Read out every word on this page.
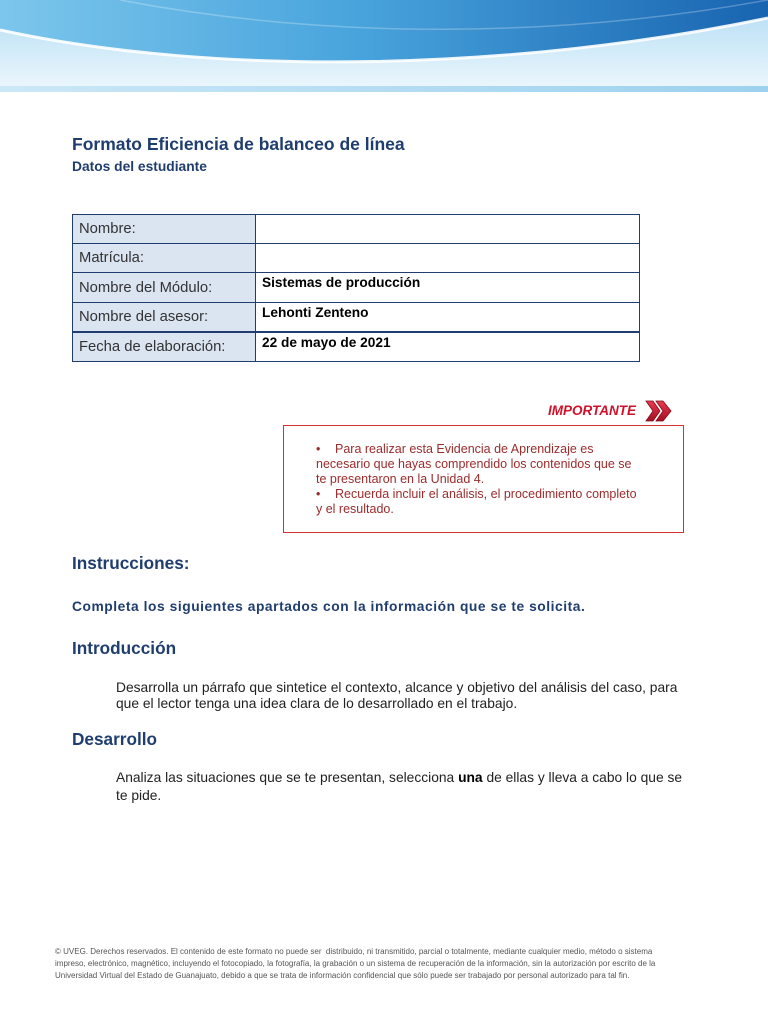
Formato Eficiencia de balanceo de línea
Datos del estudiante
Nombre:
Matrícula:
Nombre del Módulo:	Sistemas de producción
Nombre del asesor:	Lehonti Zenteno
Fecha de elaboración:	22 de mayo de 2021
IMPORTANTE
• Para realizar esta Evidencia de Aprendizaje es
necesario que hayas comprendido los contenidos que se
te presentaron en la Unidad 4.
• Recuerda incluir el análisis, el procedimiento completo
y el resultado.
Instrucciones:

Completa los siguientes apartados con la información que se te solicita.

Introducción
Desarrolla un párrafo que sintetice el contexto, alcance y objetivo del análisis del caso, para
que el lector tenga una idea clara de lo desarrollado en el trabajo.
Desarrollo
Analiza las situaciones que se te presentan, selecciona una de ellas y lleva a cabo lo que se
te pide.
© UVEG. Derechos reservados. El contenido de este formato no puede ser  distribuido, ni transmitido, parcial o totalmente, mediante cualquier medio, método o sistema
impreso, electrónico, magnético, incluyendo el fotocopiado, la fotografía, la grabación o un sistema de recuperación de la información, sin la autorización por escrito de la
Universidad Virtual del Estado de Guanajuato, debido a que se trata de información confidencial que sólo puede ser trabajado por personal autorizado para tal fin.
